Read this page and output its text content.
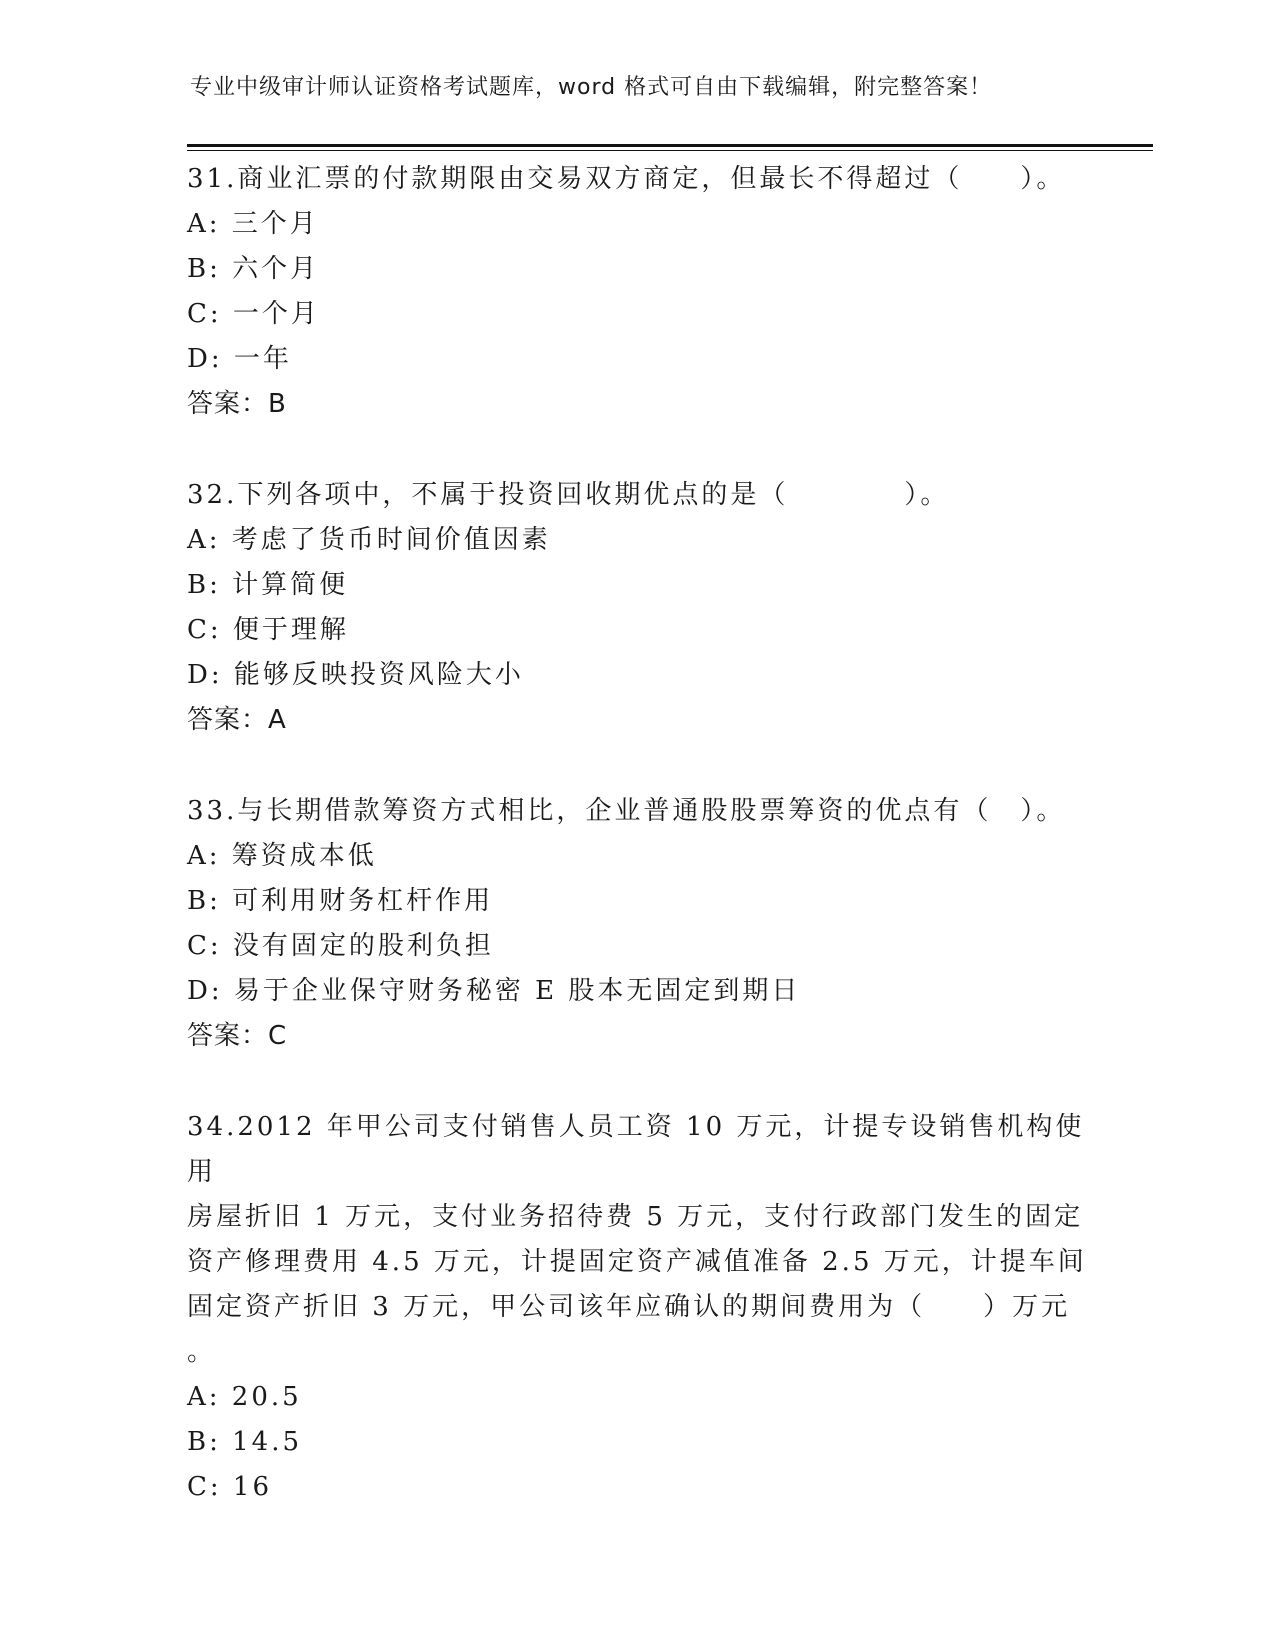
专业中级审计师认证资格考试题库，word 格式可自由下载编辑，附完整答案！

31.商业汇票的付款期限由交易双方商定，但最长不得超过（　　）。

A: 三个月

B: 六个月

C: 一个月

D: 一年

答案：B

32.下列各项中，不属于投资回收期优点的是（　　　　）。

A: 考虑了货币时间价值因素

B: 计算简便

C: 便于理解

D: 能够反映投资风险大小

答案：A

33.与长期借款筹资方式相比，企业普通股股票筹资的优点有（　）。

A: 筹资成本低

B: 可利用财务杠杆作用

C: 没有固定的股利负担

D: 易于企业保守财务秘密 E 股本无固定到期日

答案：C

34.2012 年甲公司支付销售人员工资 10 万元，计提专设销售机构使用

房屋折旧 1 万元，支付业务招待费 5 万元，支付行政部门发生的固定

资产修理费用 4.5 万元，计提固定资产减值准备 2.5 万元，计提车间

固定资产折旧 3 万元，甲公司该年应确认的期间费用为（　　）万元

。

A: 20.5

B: 14.5

C: 16
